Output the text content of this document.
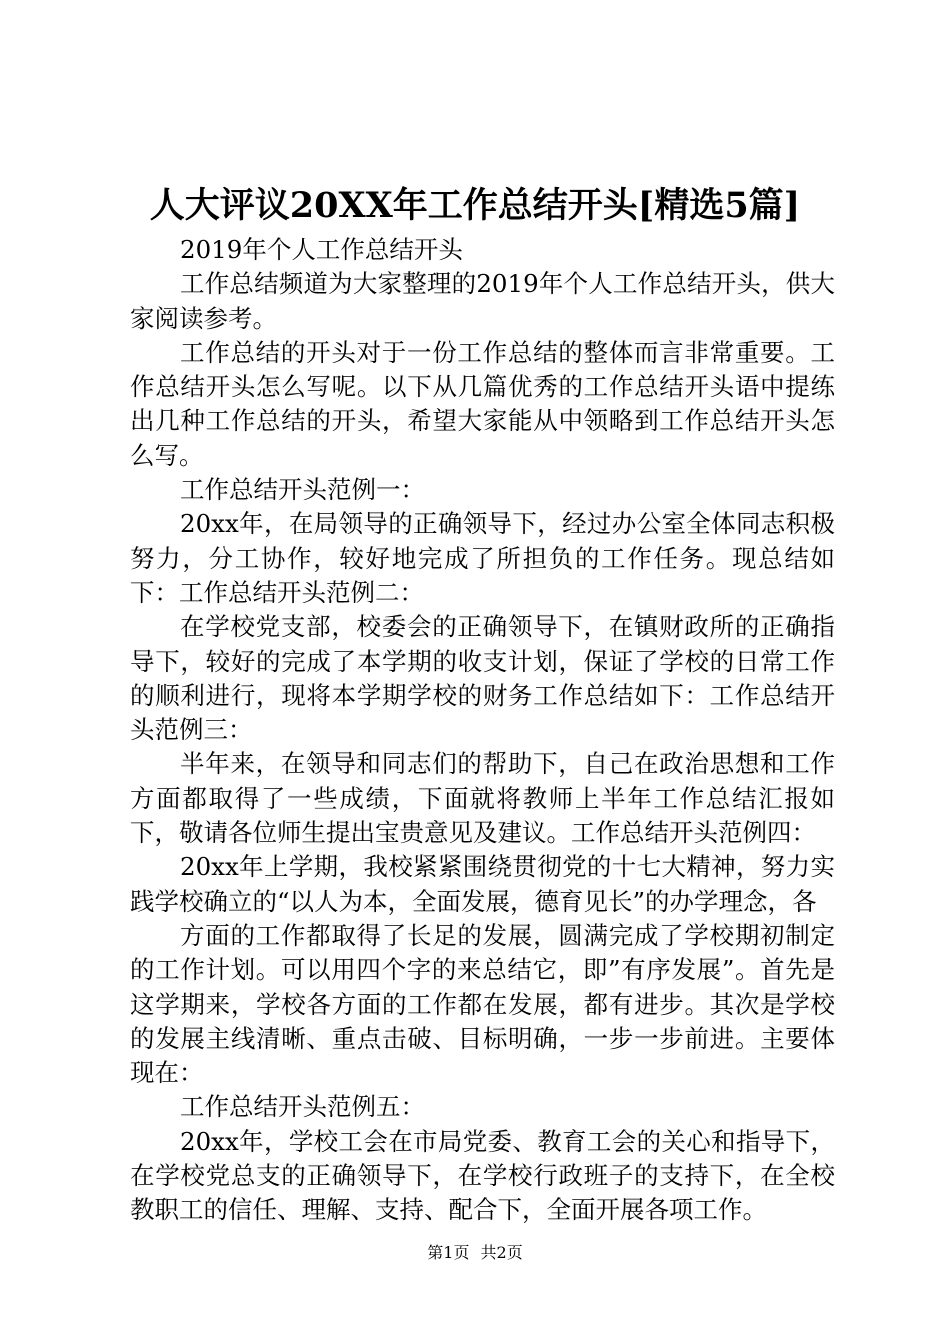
人大评议20XX年工作总结开头[精选5篇]

2019年个人工作总结开头

工作总结频道为大家整理的2019年个人工作总结开头，供大家阅读参考。

工作总结的开头对于一份工作总结的整体而言非常重要。工作总结开头怎么写呢。以下从几篇优秀的工作总结开头语中提练出几种工作总结的开头，希望大家能从中领略到工作总结开头怎么写。

工作总结开头范例一：

20xx年，在局领导的正确领导下，经过办公室全体同志积极努力，分工协作，较好地完成了所担负的工作任务。现总结如下：工作总结开头范例二：

在学校党支部，校委会的正确领导下，在镇财政所的正确指导下，较好的完成了本学期的收支计划，保证了学校的日常工作的顺利进行，现将本学期学校的财务工作总结如下：工作总结开头范例三：

半年来，在领导和同志们的帮助下，自己在政治思想和工作方面都取得了一些成绩，下面就将教师上半年工作总结汇报如下，敬请各位师生提出宝贵意见及建议。工作总结开头范例四：

20xx年上学期，我校紧紧围绕贯彻党的十七大精神，努力实践学校确立的“以人为本，全面发展，德育见长”的办学理念，各

方面的工作都取得了长足的发展，圆满完成了学校期初制定的工作计划。可以用四个字的来总结它，即”有序发展”。首先是这学期来，学校各方面的工作都在发展，都有进步。其次是学校的发展主线清晰、重点击破、目标明确，一步一步前进。主要体现在：

工作总结开头范例五：

20xx年，学校工会在市局党委、教育工会的关心和指导下，在学校党总支的正确领导下，在学校行政班子的支持下，在全校教职工的信任、理解、支持、配合下，全面开展各项工作。

第1页 共2页
